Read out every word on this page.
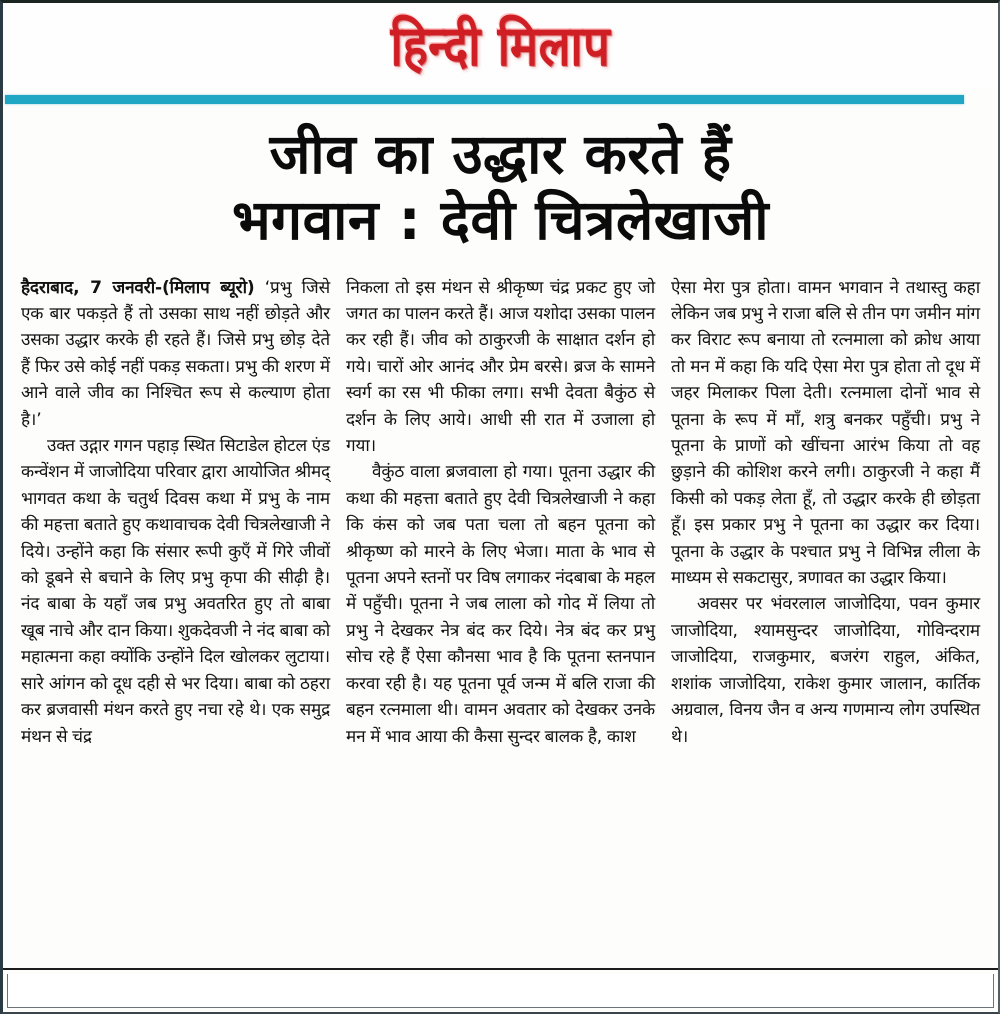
हिन्दी मिलाप
जीव का उद्धार करते हैं
भगवान : देवी चित्रलेखाजी

हैदराबाद, 7 जनवरी-(मिलाप ब्यूरो) ‘प्रभु जिसे एक बार पकड़ते हैं तो उसका साथ नहीं छोड़ते और उसका उद्धार करके ही रहते हैं। जिसे प्रभु छोड़ देते हैं फिर उसे कोई नहीं पकड़ सकता। प्रभु की शरण में आने वाले जीव का निश्चित रूप से कल्याण होता है।’

उक्त उद्गार गगन पहाड़ स्थित सिटाडेल होटल एंड कन्वेंशन में जाजोदिया परिवार द्वारा आयोजित श्रीमद् भागवत कथा के चतुर्थ दिवस कथा में प्रभु के नाम की महत्ता बताते हुए कथावाचक देवी चित्रलेखाजी ने दिये। उन्होंने कहा कि संसार रूपी कुएँ में गिरे जीवों को डूबने से बचाने के लिए प्रभु कृपा की सीढ़ी है। नंद बाबा के यहाँ जब प्रभु अवतरित हुए तो बाबा खूब नाचे और दान किया। शुकदेवजी ने नंद बाबा को महात्मना कहा क्योंकि उन्होंने दिल खोलकर लुटाया। सारे आंगन को दूध दही से भर दिया। बाबा को ठहरा कर ब्रजवासी मंथन करते हुए नचा रहे थे। एक समुद्र मंथन से चंद्र

निकला तो इस मंथन से श्रीकृष्ण चंद्र प्रकट हुए जो जगत का पालन करते हैं। आज यशोदा उसका पालन कर रही हैं। जीव को ठाकुरजी के साक्षात दर्शन हो गये। चारों ओर आनंद और प्रेम बरसे। ब्रज के सामने स्वर्ग का रस भी फीका लगा। सभी देवता बैकुंठ से दर्शन के लिए आये। आधी सी रात में उजाला हो गया।

वैकुंठ वाला ब्रजवाला हो गया। पूतना उद्धार की कथा की महत्ता बताते हुए देवी चित्रलेखाजी ने कहा कि कंस को जब पता चला तो बहन पूतना को श्रीकृष्ण को मारने के लिए भेजा। माता के भाव से पूतना अपने स्तनों पर विष लगाकर नंदबाबा के महल में पहुँची। पूतना ने जब लाला को गोद में लिया तो प्रभु ने देखकर नेत्र बंद कर दिये। नेत्र बंद कर प्रभु सोच रहे हैं ऐसा कौनसा भाव है कि पूतना स्तनपान करवा रही है। यह पूतना पूर्व जन्म में बलि राजा की बहन रत्नमाला थी। वामन अवतार को देखकर उनके मन में भाव आया की कैसा सुन्दर बालक है, काश

ऐसा मेरा पुत्र होता। वामन भगवान ने तथास्तु कहा लेकिन जब प्रभु ने राजा बलि से तीन पग जमीन मांग कर विराट रूप बनाया तो रत्नमाला को क्रोध आया तो मन में कहा कि यदि ऐसा मेरा पुत्र होता तो दूध में जहर मिलाकर पिला देती। रत्नमाला दोनों भाव से पूतना के रूप में माँ, शत्रु बनकर पहुँची। प्रभु ने पूतना के प्राणों को खींचना आरंभ किया तो वह छुड़ाने की कोशिश करने लगी। ठाकुरजी ने कहा मैं किसी को पकड़ लेता हूँ, तो उद्धार करके ही छोड़ता हूँ। इस प्रकार प्रभु ने पूतना का उद्धार कर दिया। पूतना के उद्धार के पश्चात प्रभु ने विभिन्न लीला के माध्यम से सकटासुर, त्रणावत का उद्धार किया।

अवसर पर भंवरलाल जाजोदिया, पवन कुमार जाजोदिया, श्यामसुन्दर जाजोदिया, गोविन्दराम जाजोदिया, राजकुमार, बजरंग राहुल, अंकित, शशांक जाजोदिया, राकेश कुमार जालान, कार्तिक अग्रवाल, विनय जैन व अन्य गणमान्य लोग उपस्थित थे।
